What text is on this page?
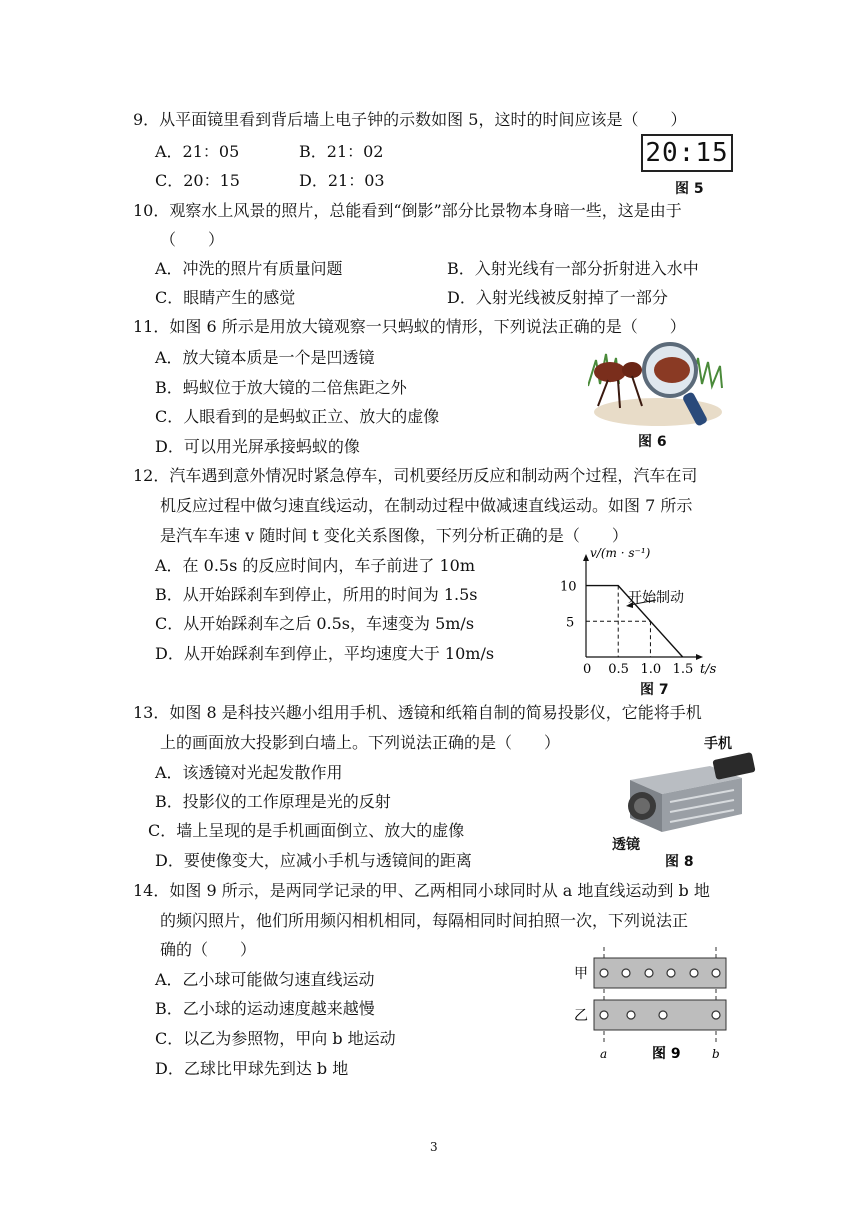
9．从平面镜里看到背后墙上电子钟的示数如图 5，这时的时间应该是（　　）
A．21：05	B．21：02
C．20：15	D．21：03
20:15
图 5
10．观察水上风景的照片，总能看到“倒影”部分比景物本身暗一些，这是由于
（　　）
A．冲洗的照片有质量问题	B．入射光线有一部分折射进入水中
C．眼睛产生的感觉	D．入射光线被反射掉了一部分
11．如图 6 所示是用放大镜观察一只蚂蚁的情形，下列说法正确的是（　　）
A．放大镜本质是一个是凹透镜
B．蚂蚁位于放大镜的二倍焦距之外
C．人眼看到的是蚂蚁正立、放大的虚像
D．可以用光屏承接蚂蚁的像	图 6
12．汽车遇到意外情况时紧急停车，司机要经历反应和制动两个过程，汽车在司
机反应过程中做匀速直线运动，在制动过程中做减速直线运动。如图 7 所示
是汽车车速 v 随时间 t 变化关系图像，下列分析正确的是（　　）
A．在 0.5s 的反应时间内，车子前进了 10m
B．从开始踩刹车到停止，所用的时间为 1.5s
C．从开始踩刹车之后 0.5s，车速变为 5m/s
D．从开始踩刹车到停止，平均速度大于 10m/s
v/(m · s⁻¹)
t/s
5
10
0 0.5 1.0 1.5
开始制动
图 7
13．如图 8 是科技兴趣小组用手机、透镜和纸箱自制的简易投影仪，它能将手机
上的画面放大投影到白墙上。下列说法正确的是（　　）
A．该透镜对光起发散作用
B．投影仪的工作原理是光的反射
C．墙上呈现的是手机画面倒立、放大的虚像
D．要使像变大，应减小手机与透镜间的距离
手机
透镜
图 8
14．如图 9 所示，是两同学记录的甲、乙两相同小球同时从 a 地直线运动到 b 地
的频闪照片，他们所用频闪相机相同，每隔相同时间拍照一次，下列说法正
确的（　　）
A．乙小球可能做匀速直线运动
B．乙小球的运动速度越来越慢
C．以乙为参照物，甲向 b 地运动
D．乙球比甲球先到达 b 地
甲
乙
a	b
图 9
3
